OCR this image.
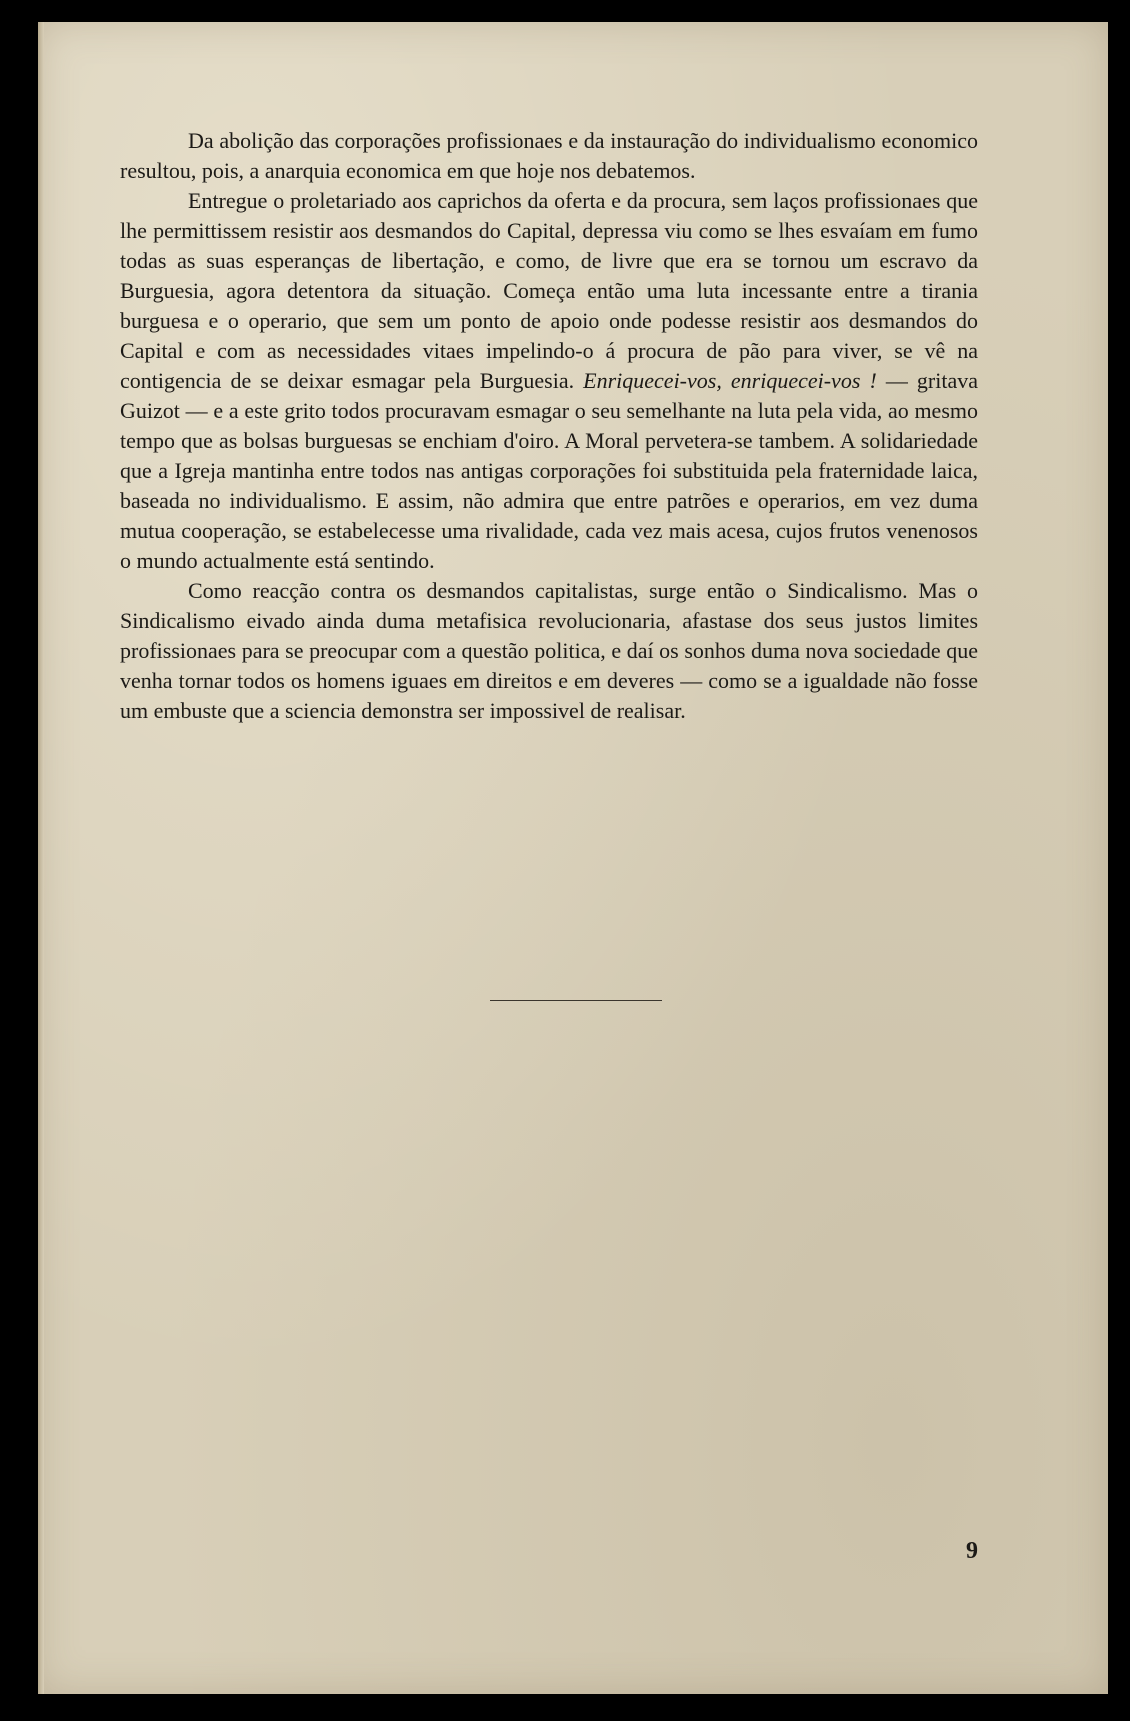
Da abolição das corporações profissionaes e da instauração do individualismo economico resultou, pois, a anarquia economica em que hoje nos debatemos.

Entregue o proletariado aos caprichos da oferta e da procura, sem laços profissionaes que lhe permittissem resistir aos desmandos do Capital, depressa viu como se lhes esvaíam em fumo todas as suas esperanças de libertação, e como, de livre que era se tornou um escravo da Burguesia, agora detentora da situação. Começa então uma luta incessante entre a tirania burguesa e o operario, que sem um ponto de apoio onde podesse resistir aos desmandos do Capital e com as necessidades vitaes impelindo-o á procura de pão para viver, se vê na contigencia de se deixar esmagar pela Burguesia. Enriquecei-vos, enriquecei-vos ! — gritava Guizot — e a este grito todos procuravam esmagar o seu semelhante na luta pela vida, ao mesmo tempo que as bolsas burguesas se enchiam d'oiro. A Moral pervetera-se tambem. A solidariedade que a Igreja mantinha entre todos nas antigas corporações foi substituida pela fraternidade laica, baseada no individualismo. E assim, não admira que entre patrões e operarios, em vez duma mutua cooperação, se estabelecesse uma rivalidade, cada vez mais acesa, cujos frutos venenosos o mundo actualmente está sentindo.

Como reacção contra os desmandos capitalistas, surge então o Sindicalismo. Mas o Sindicalismo eivado ainda duma metafisica revolucionaria, afastase dos seus justos limites profissionaes para se preocupar com a questão politica, e daí os sonhos duma nova sociedade que venha tornar todos os homens iguaes em direitos e em deveres — como se a igualdade não fosse um embuste que a sciencia demonstra ser impossivel de realisar.

9
